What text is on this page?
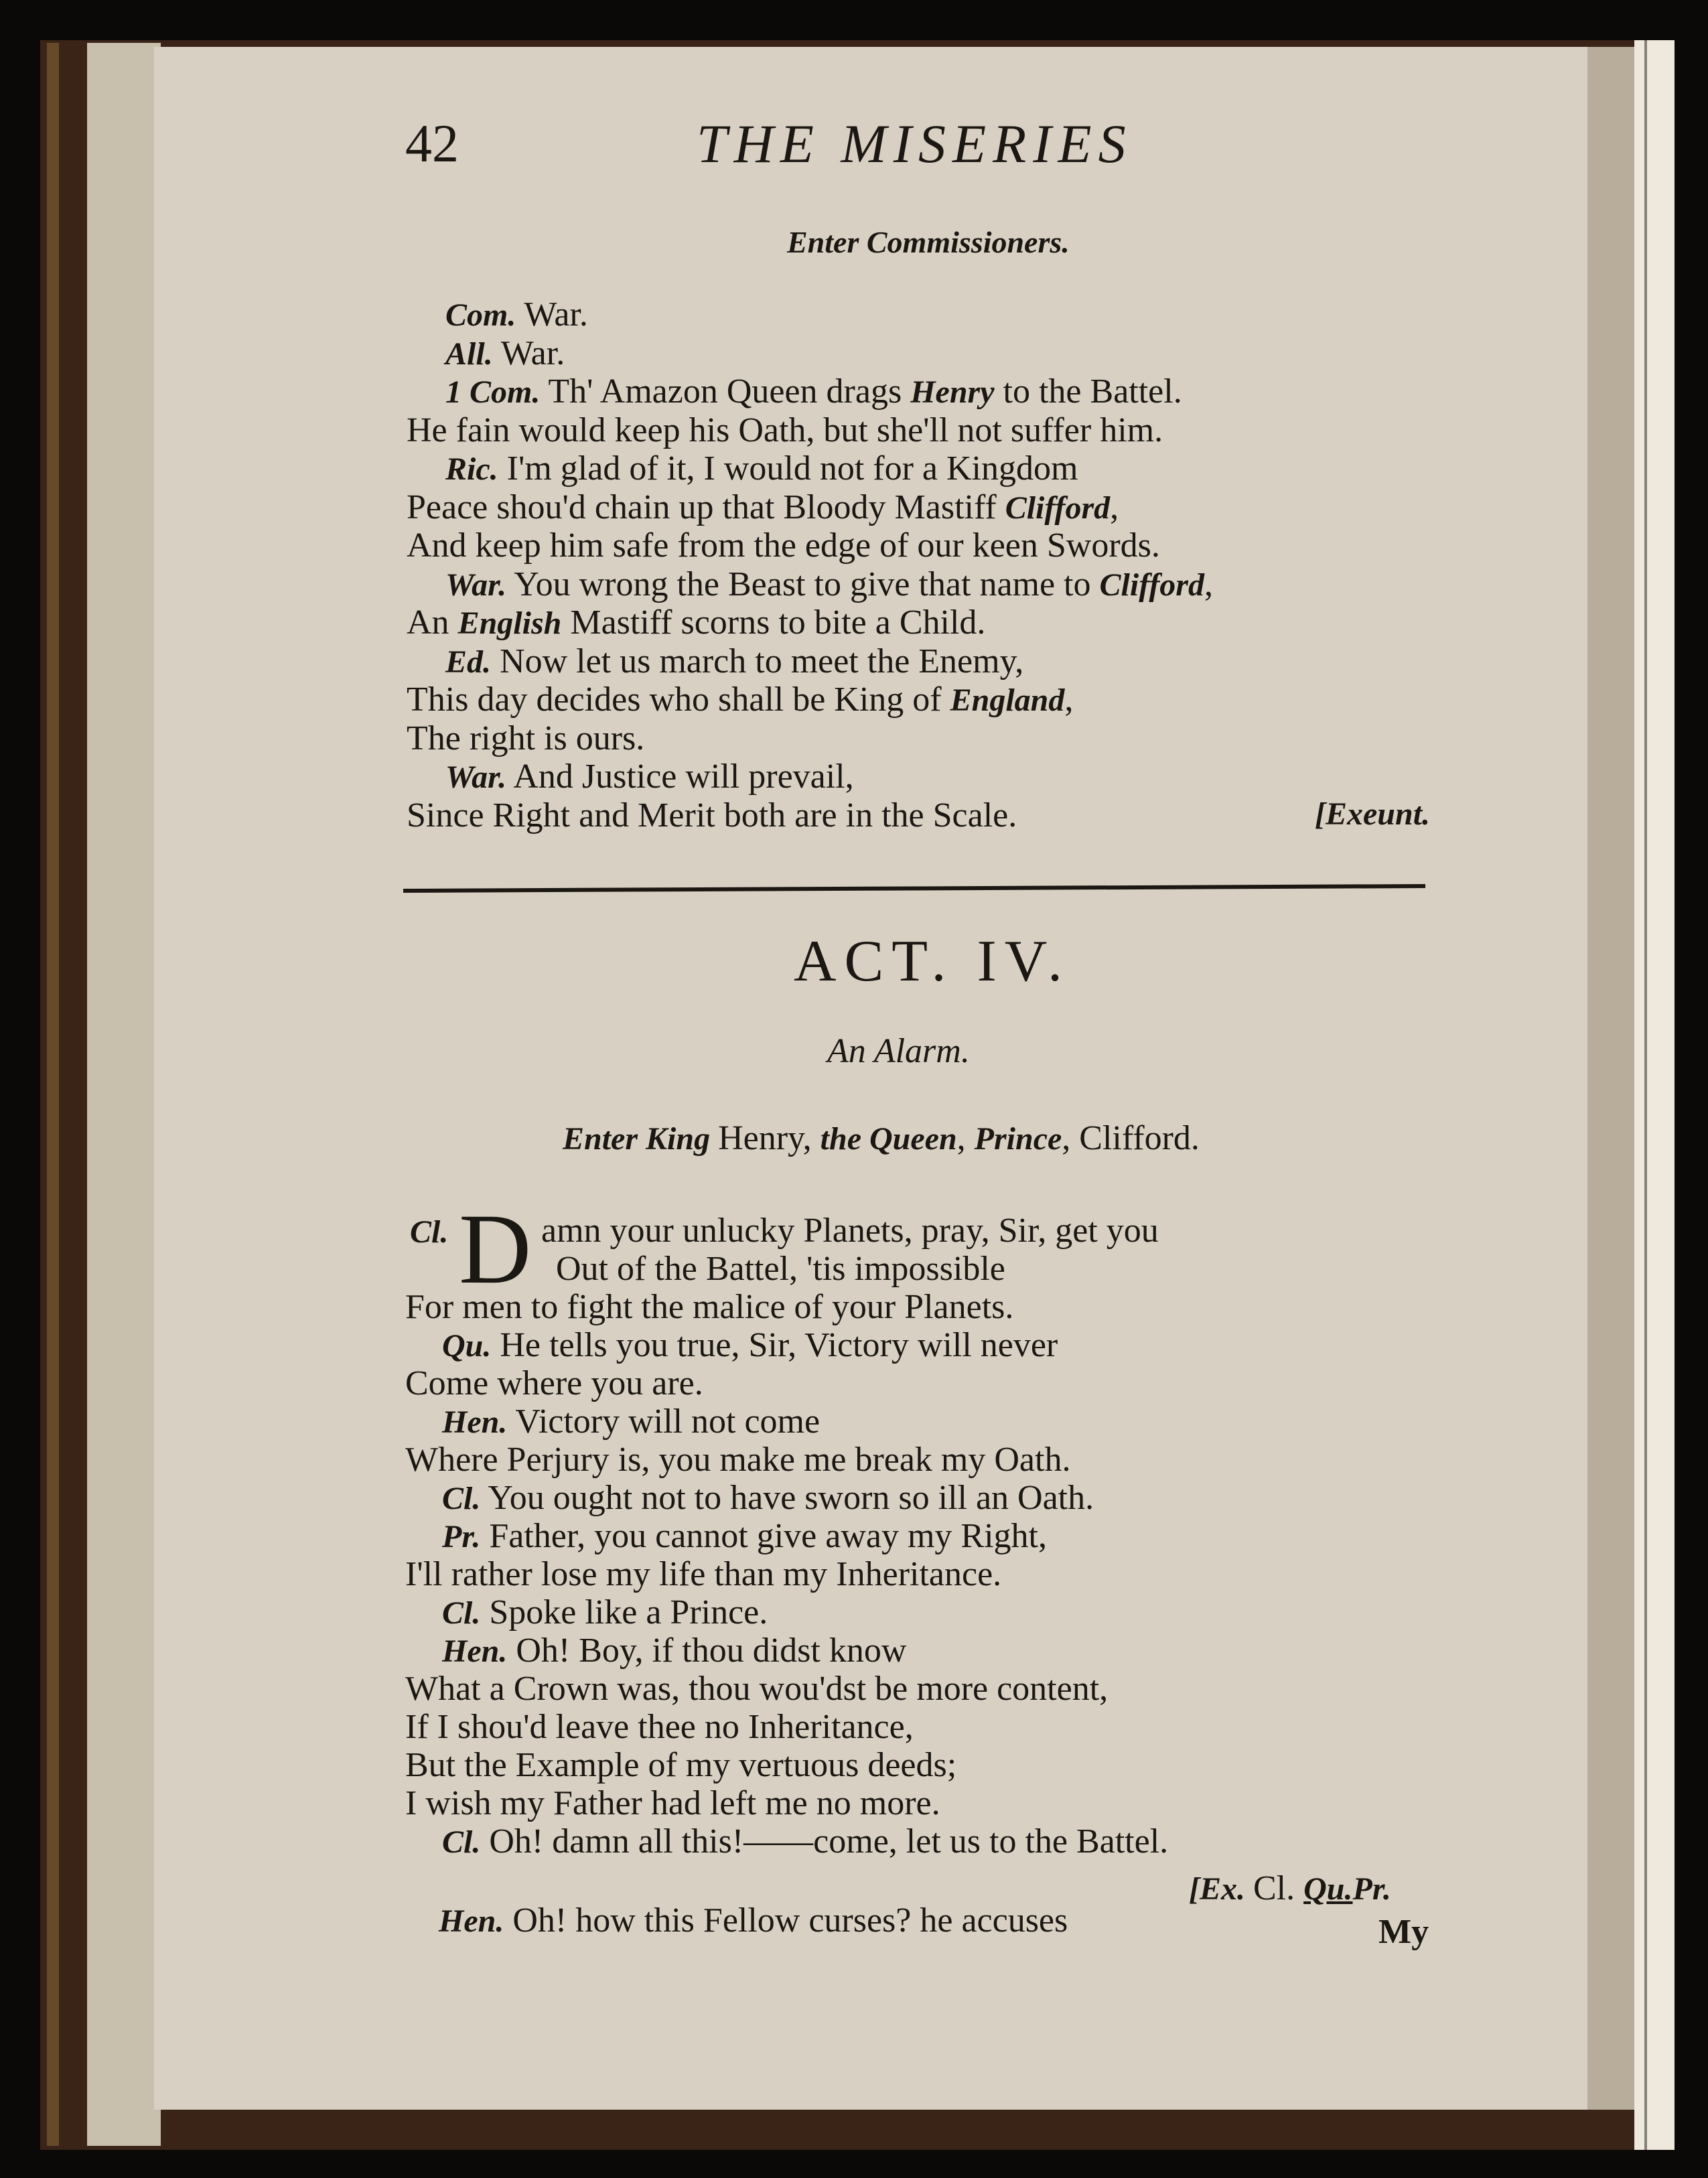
42	THE MISERIES
Enter Commissioners.
Com. War.
All. War.
1 Com. Th' Amazon Queen drags Henry to the Battel.
He fain would keep his Oath, but she'll not suffer him.
Ric. I'm glad of it, I would not for a Kingdom
Peace shou'd chain up that Bloody Mastiff Clifford,
And keep him safe from the edge of our keen Swords.
War. You wrong the Beast to give that name to Clifford,
An English Mastiff scorns to bite a Child.
Ed. Now let us march to meet the Enemy,
This day decides who shall be King of England,
The right is ours.
War. And Justice will prevail,
Since Right and Merit both are in the Scale.	[Exeunt.
ACT. IV.
An Alarm.
Enter King Henry, the Queen, Prince, Clifford.
Cl. D amn your unlucky Planets, pray, Sir, get you
Out of the Battel, 'tis impossible
For men to fight the malice of your Planets.
Qu. He tells you true, Sir, Victory will never
Come where you are.
Hen. Victory will not come
Where Perjury is, you make me break my Oath.
Cl. You ought not to have sworn so ill an Oath.
Pr. Father, you cannot give away my Right,
I'll rather lose my life than my Inheritance.
Cl. Spoke like a Prince.
Hen. Oh! Boy, if thou didst know
What a Crown was, thou wou'dst be more content,
If I shou'd leave thee no Inheritance,
But the Example of my vertuous deeds;
I wish my Father had left me no more.
Cl. Oh! damn all this!——come, let us to the Battel.
[Ex. Cl. Qu.Pr.
Hen. Oh! how this Fellow curses? he accuses	My
